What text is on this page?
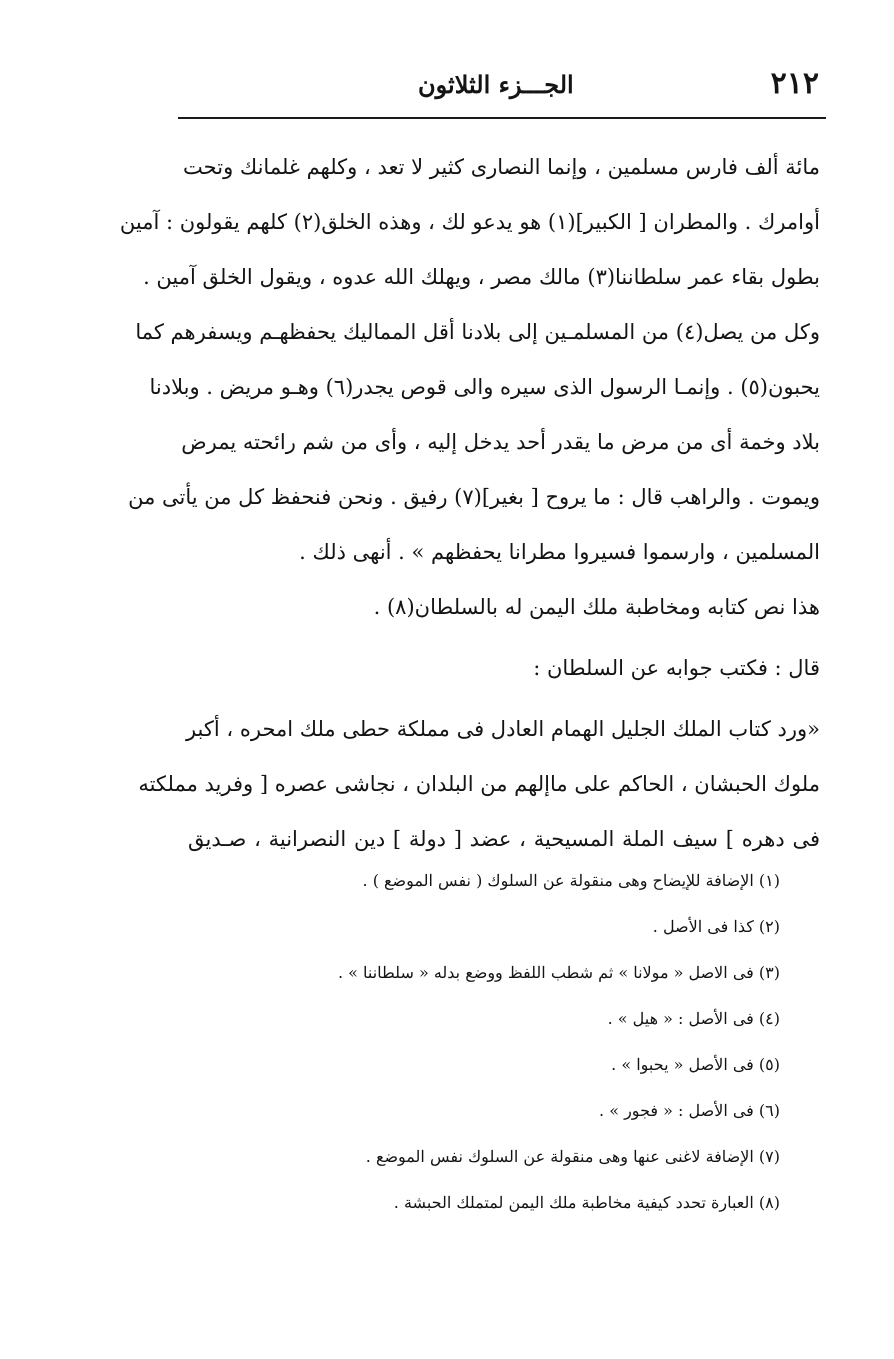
٢١٢
الجـــزء الثلاثون
مائة ألف فارس مسلمين ، وإنما النصارى كثير لا تعد ، وكلهم غلمانك وتحت
أوامرك . والمطران [ الكبير](١) هو يدعو لك ، وهذه الخلق(٢) كلهم يقولون : آمين
بطول بقاء عمر سلطاننا(٣) مالك مصر ، ويهلك الله عدوه ، ويقول الخلق آمين .
وكل من يصل(٤) من المسلمـين إلى بلادنا أقل المماليك يحفظهـم ويسفرهم كما
يحبون(٥) . وإنمـا الرسول الذى سيره والى قوص يجدر(٦) وهـو مريض . وبلادنا
بلاد وخمة أى من مرض ما يقدر أحد يدخل إليه ، وأى من شم رائحته يمرض
ويموت . والراهب قال : ما يروح [ بغير](٧) رفيق . ونحن فنحفظ كل من يأتى من
المسلمين ، وارسموا فسيروا مطرانا يحفظهم » . أنهى ذلك .
هذا نص كتابه ومخاطبة ملك اليمن له بالسلطان(٨) .
قال : فكتب جوابه عن السلطان :
«ورد كتاب الملك الجليل الهمام العادل فى مملكة حطى ملك امحره ، أكبر
ملوك الحبشان ، الحاكم على ماإلهم من البلدان ، نجاشى عصره [ وفريد مملكته
فى دهره ] سيف الملة المسيحية ، عضد [ دولة ] دين النصرانية ، صـديق
(١) الإضافة للإيضاح وهى منقولة عن السلوك ( نفس الموضع ) .
(٢) كذا فى الأصل .
(٣) فى الاصل « مولانا » ثم شطب اللفظ ووضع بدله « سلطاننا » .
(٤) فى الأصل : « هيل » .
(٥) فى الأصل « يحبوا » .
(٦) فى الأصل : « فجور » .
(٧) الإضافة لاغنى عنها وهى منقولة عن السلوك نفس الموضع .
(٨) العبارة تحدد كيفية مخاطبة ملك اليمن لمتملك الحبشة .
